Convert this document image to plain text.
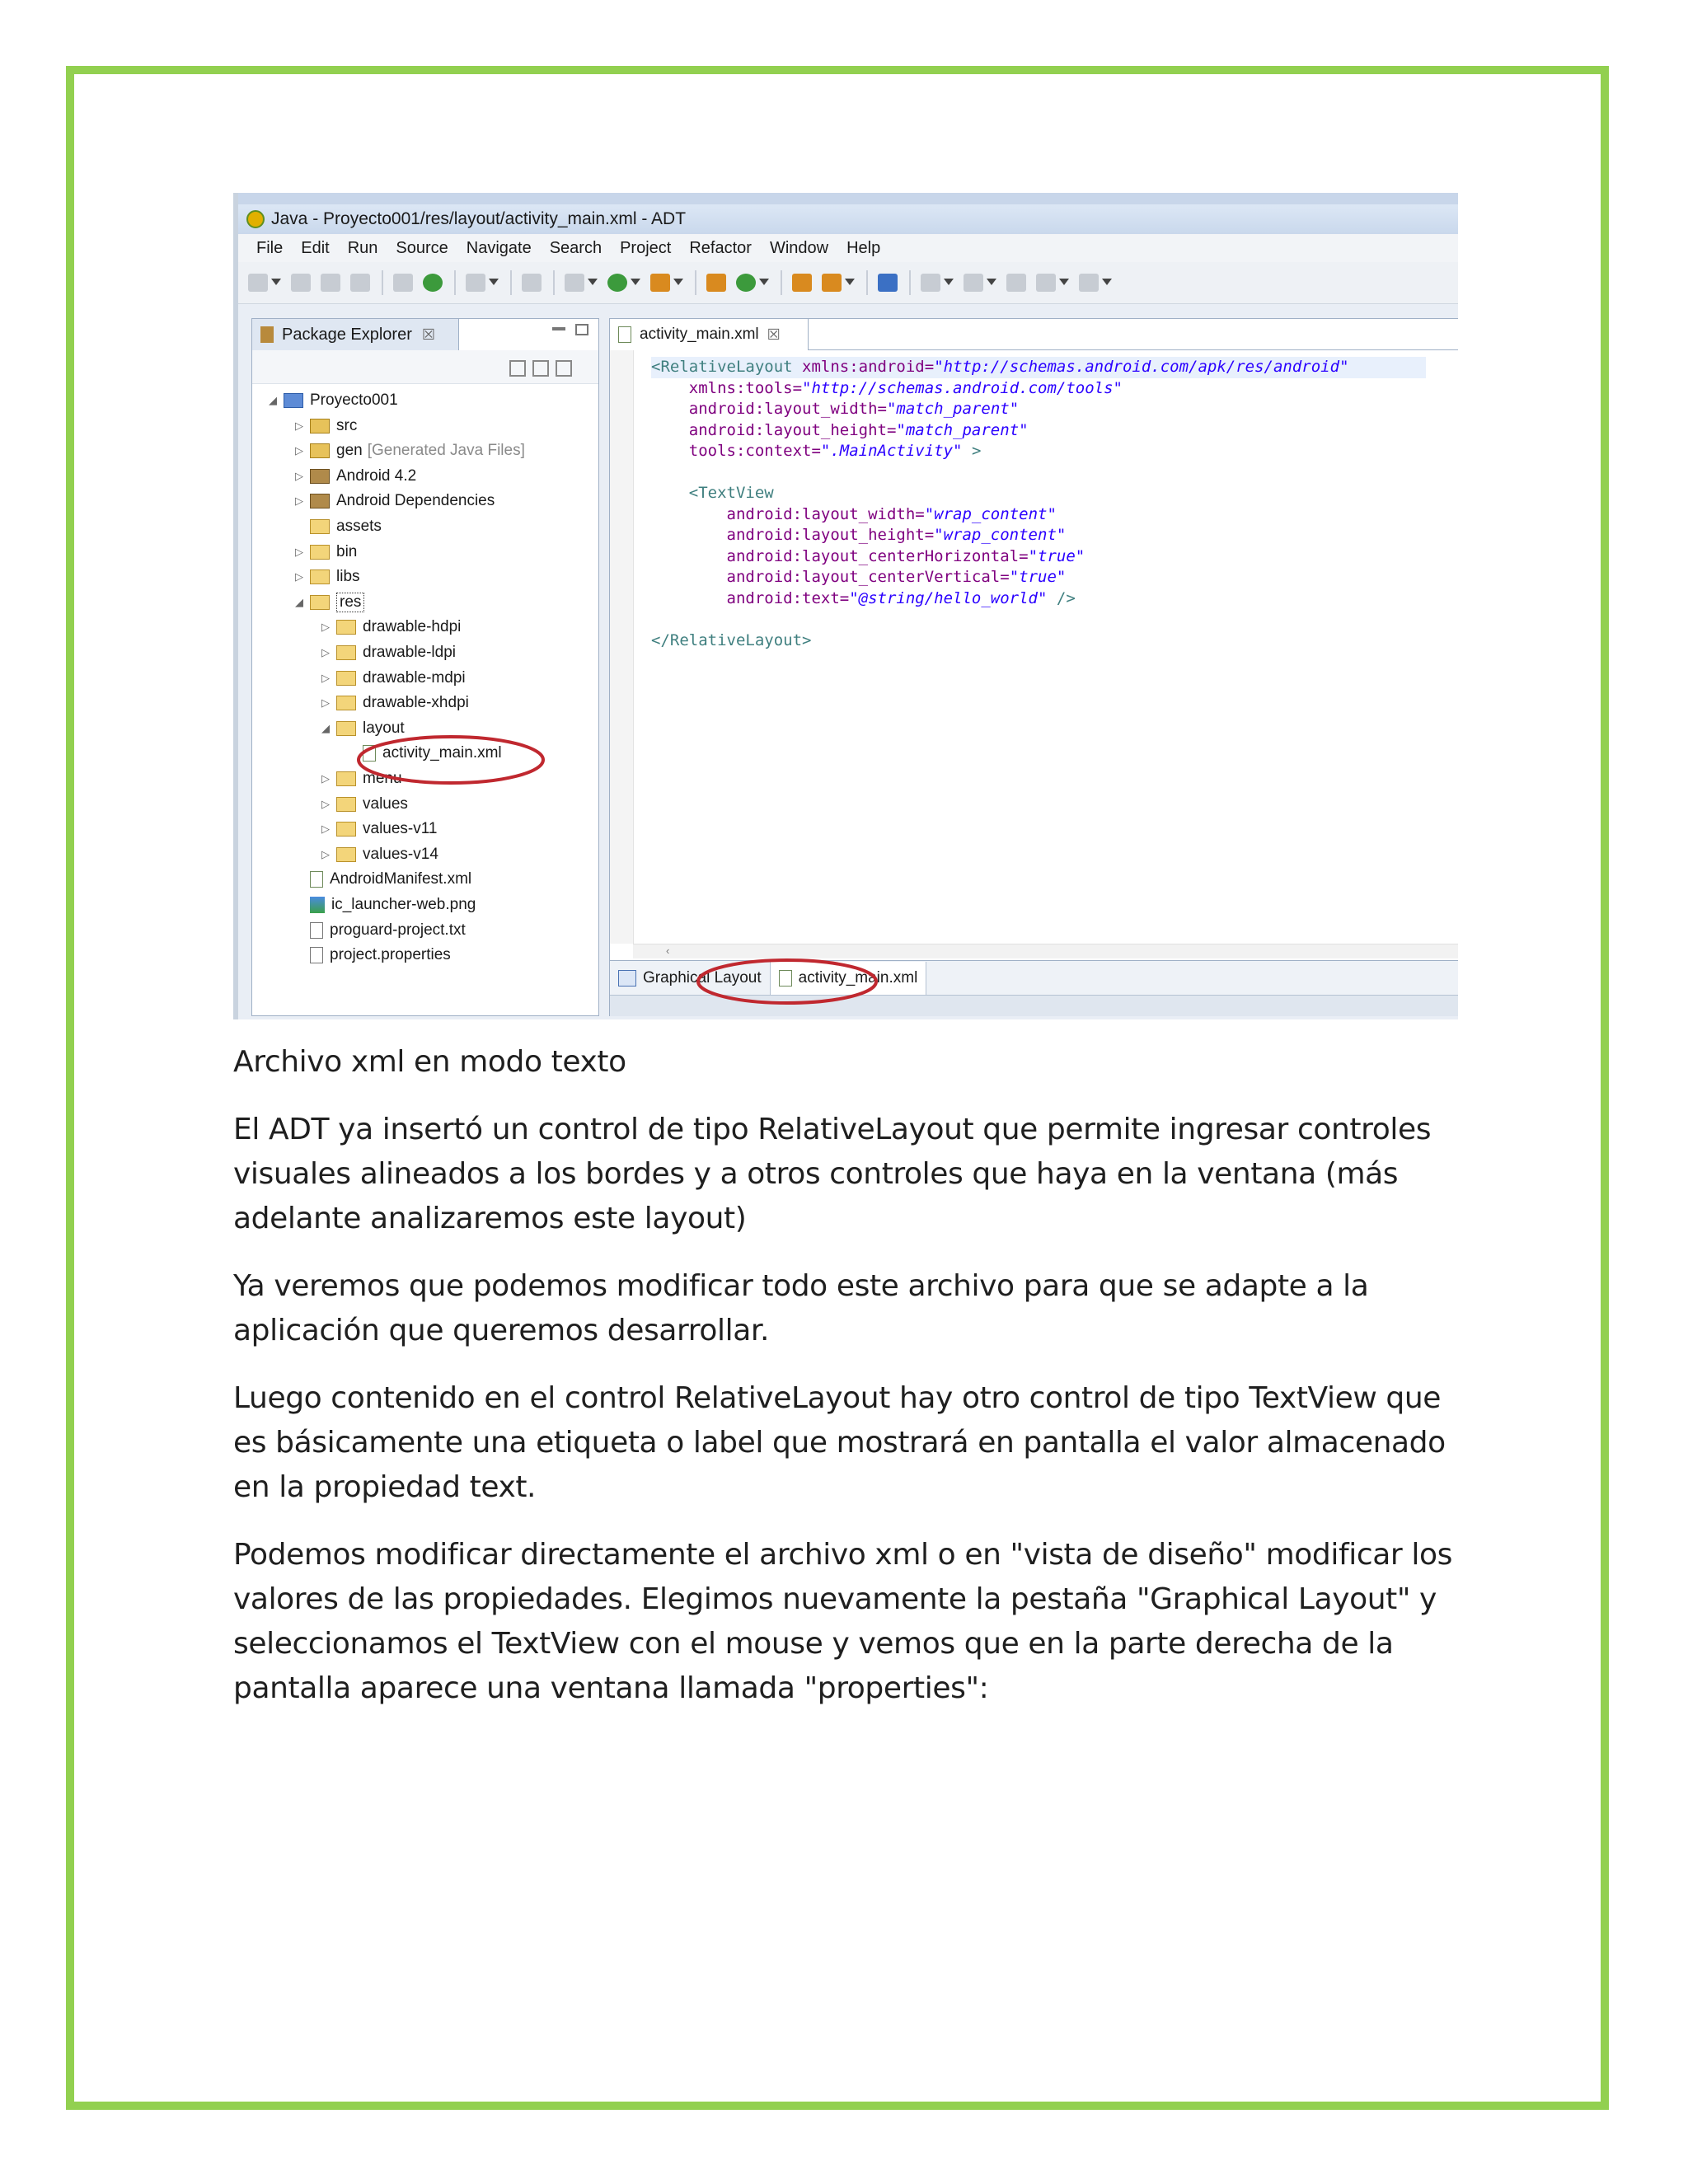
Java - Proyecto001/res/layout/activity_main.xml - ADT
File Edit Run Source Navigate Search Project Refactor Window Help
Package Explorer ☒
◢ Proyecto001
▷ src
▷ gen [Generated Java Files]
▷ Android 4.2
▷ Android Dependencies
assets
▷ bin
▷ libs
◢ res
▷ drawable-hdpi
▷ drawable-ldpi
▷ drawable-mdpi
▷ drawable-xhdpi
◢ layout
activity_main.xml
▷ menu
▷ values
▷ values-v11
▷ values-v14
AndroidManifest.xml
ic_launcher-web.png
proguard-project.txt
project.properties
activity_main.xml ☒
<RelativeLayout xmlns:android="http://schemas.android.com/apk/res/android"
xmlns:tools="http://schemas.android.com/tools"
android:layout_width="match_parent"
android:layout_height="match_parent"
tools:context=".MainActivity" >

<TextView
android:layout_width="wrap_content"
android:layout_height="wrap_content"
android:layout_centerHorizontal="true"
android:layout_centerVertical="true"
android:text="@string/hello_world" />

</RelativeLayout>
‹
Graphical Layout activity_main.xml

Archivo xml en modo texto

El ADT ya insertó un control de tipo RelativeLayout que permite ingresar controles visuales alineados a los bordes y a otros controles que haya en la ventana (más adelante analizaremos este layout)

Ya veremos que podemos modificar todo este archivo para que se adapte a la aplicación que queremos desarrollar.

Luego contenido en el control RelativeLayout hay otro control de tipo TextView que es básicamente una etiqueta o label que mostrará en pantalla el valor almacenado en la propiedad text.

Podemos modificar directamente el archivo xml o en "vista de diseño" modificar los valores de las propiedades. Elegimos nuevamente la pestaña "Graphical Layout" y seleccionamos el TextView con el mouse y vemos que en la parte derecha de la pantalla aparece una ventana llamada "properties":
